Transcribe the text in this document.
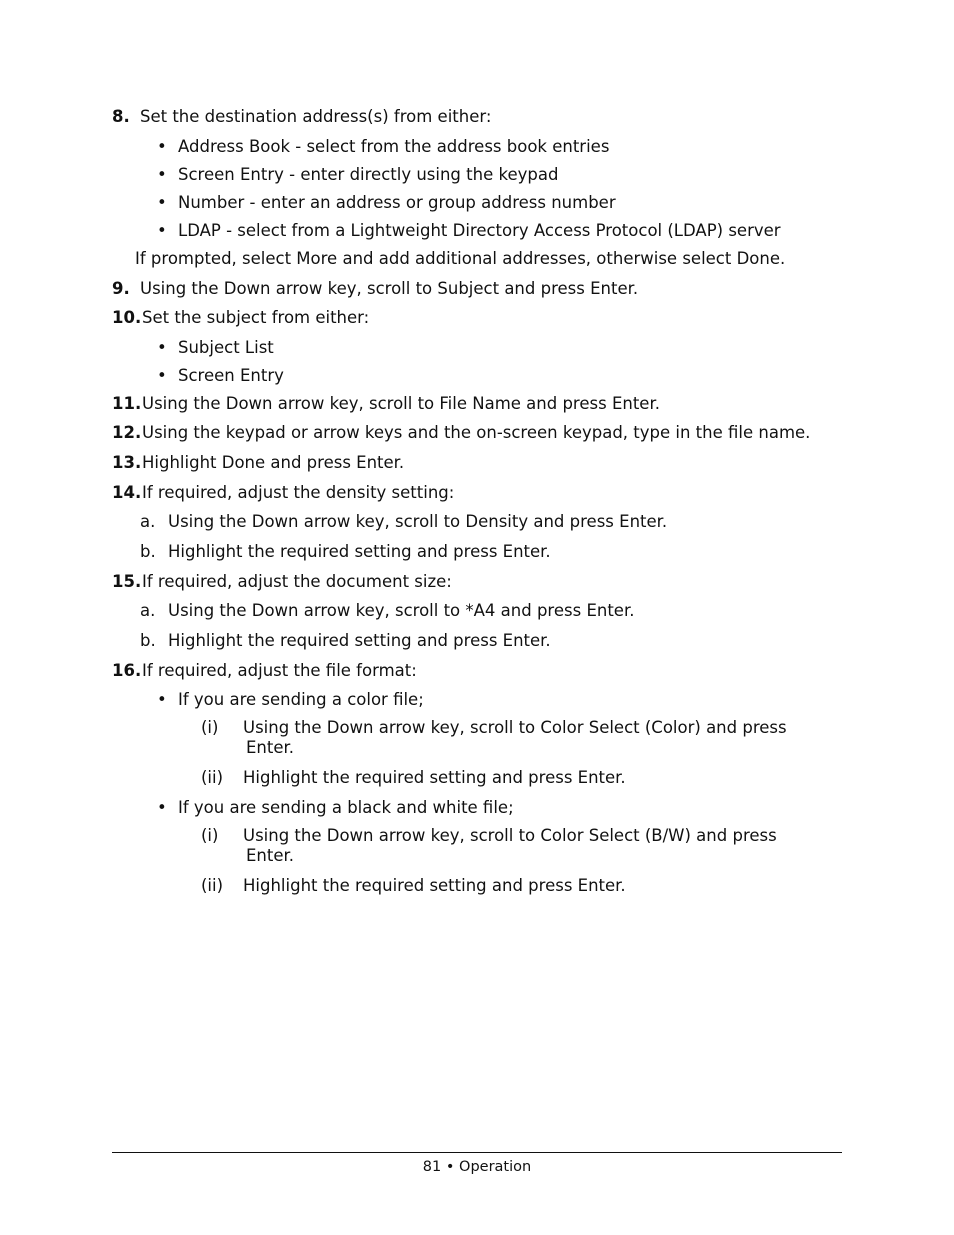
8. Set the destination address(s) from either:
• Address Book - select from the address book entries
• Screen Entry - enter directly using the keypad
• Number - enter an address or group address number
• LDAP - select from a Lightweight Directory Access Protocol (LDAP) server
If prompted, select More and add additional addresses, otherwise select Done.
9. Using the Down arrow key, scroll to Subject and press Enter.
10. Set the subject from either:
• Subject List
• Screen Entry
11. Using the Down arrow key, scroll to File Name and press Enter.
12. Using the keypad or arrow keys and the on-screen keypad, type in the file name.
13. Highlight Done and press Enter.
14. If required, adjust the density setting:
a. Using the Down arrow key, scroll to Density and press Enter.
b. Highlight the required setting and press Enter.
15. If required, adjust the document size:
a. Using the Down arrow key, scroll to *A4 and press Enter.
b. Highlight the required setting and press Enter.
16. If required, adjust the file format:
• If you are sending a color file;
(i) Using the Down arrow key, scroll to Color Select (Color) and press
Enter.
(ii) Highlight the required setting and press Enter.
• If you are sending a black and white file;
(i) Using the Down arrow key, scroll to Color Select (B/W) and press
Enter.
(ii) Highlight the required setting and press Enter.
81 • Operation
